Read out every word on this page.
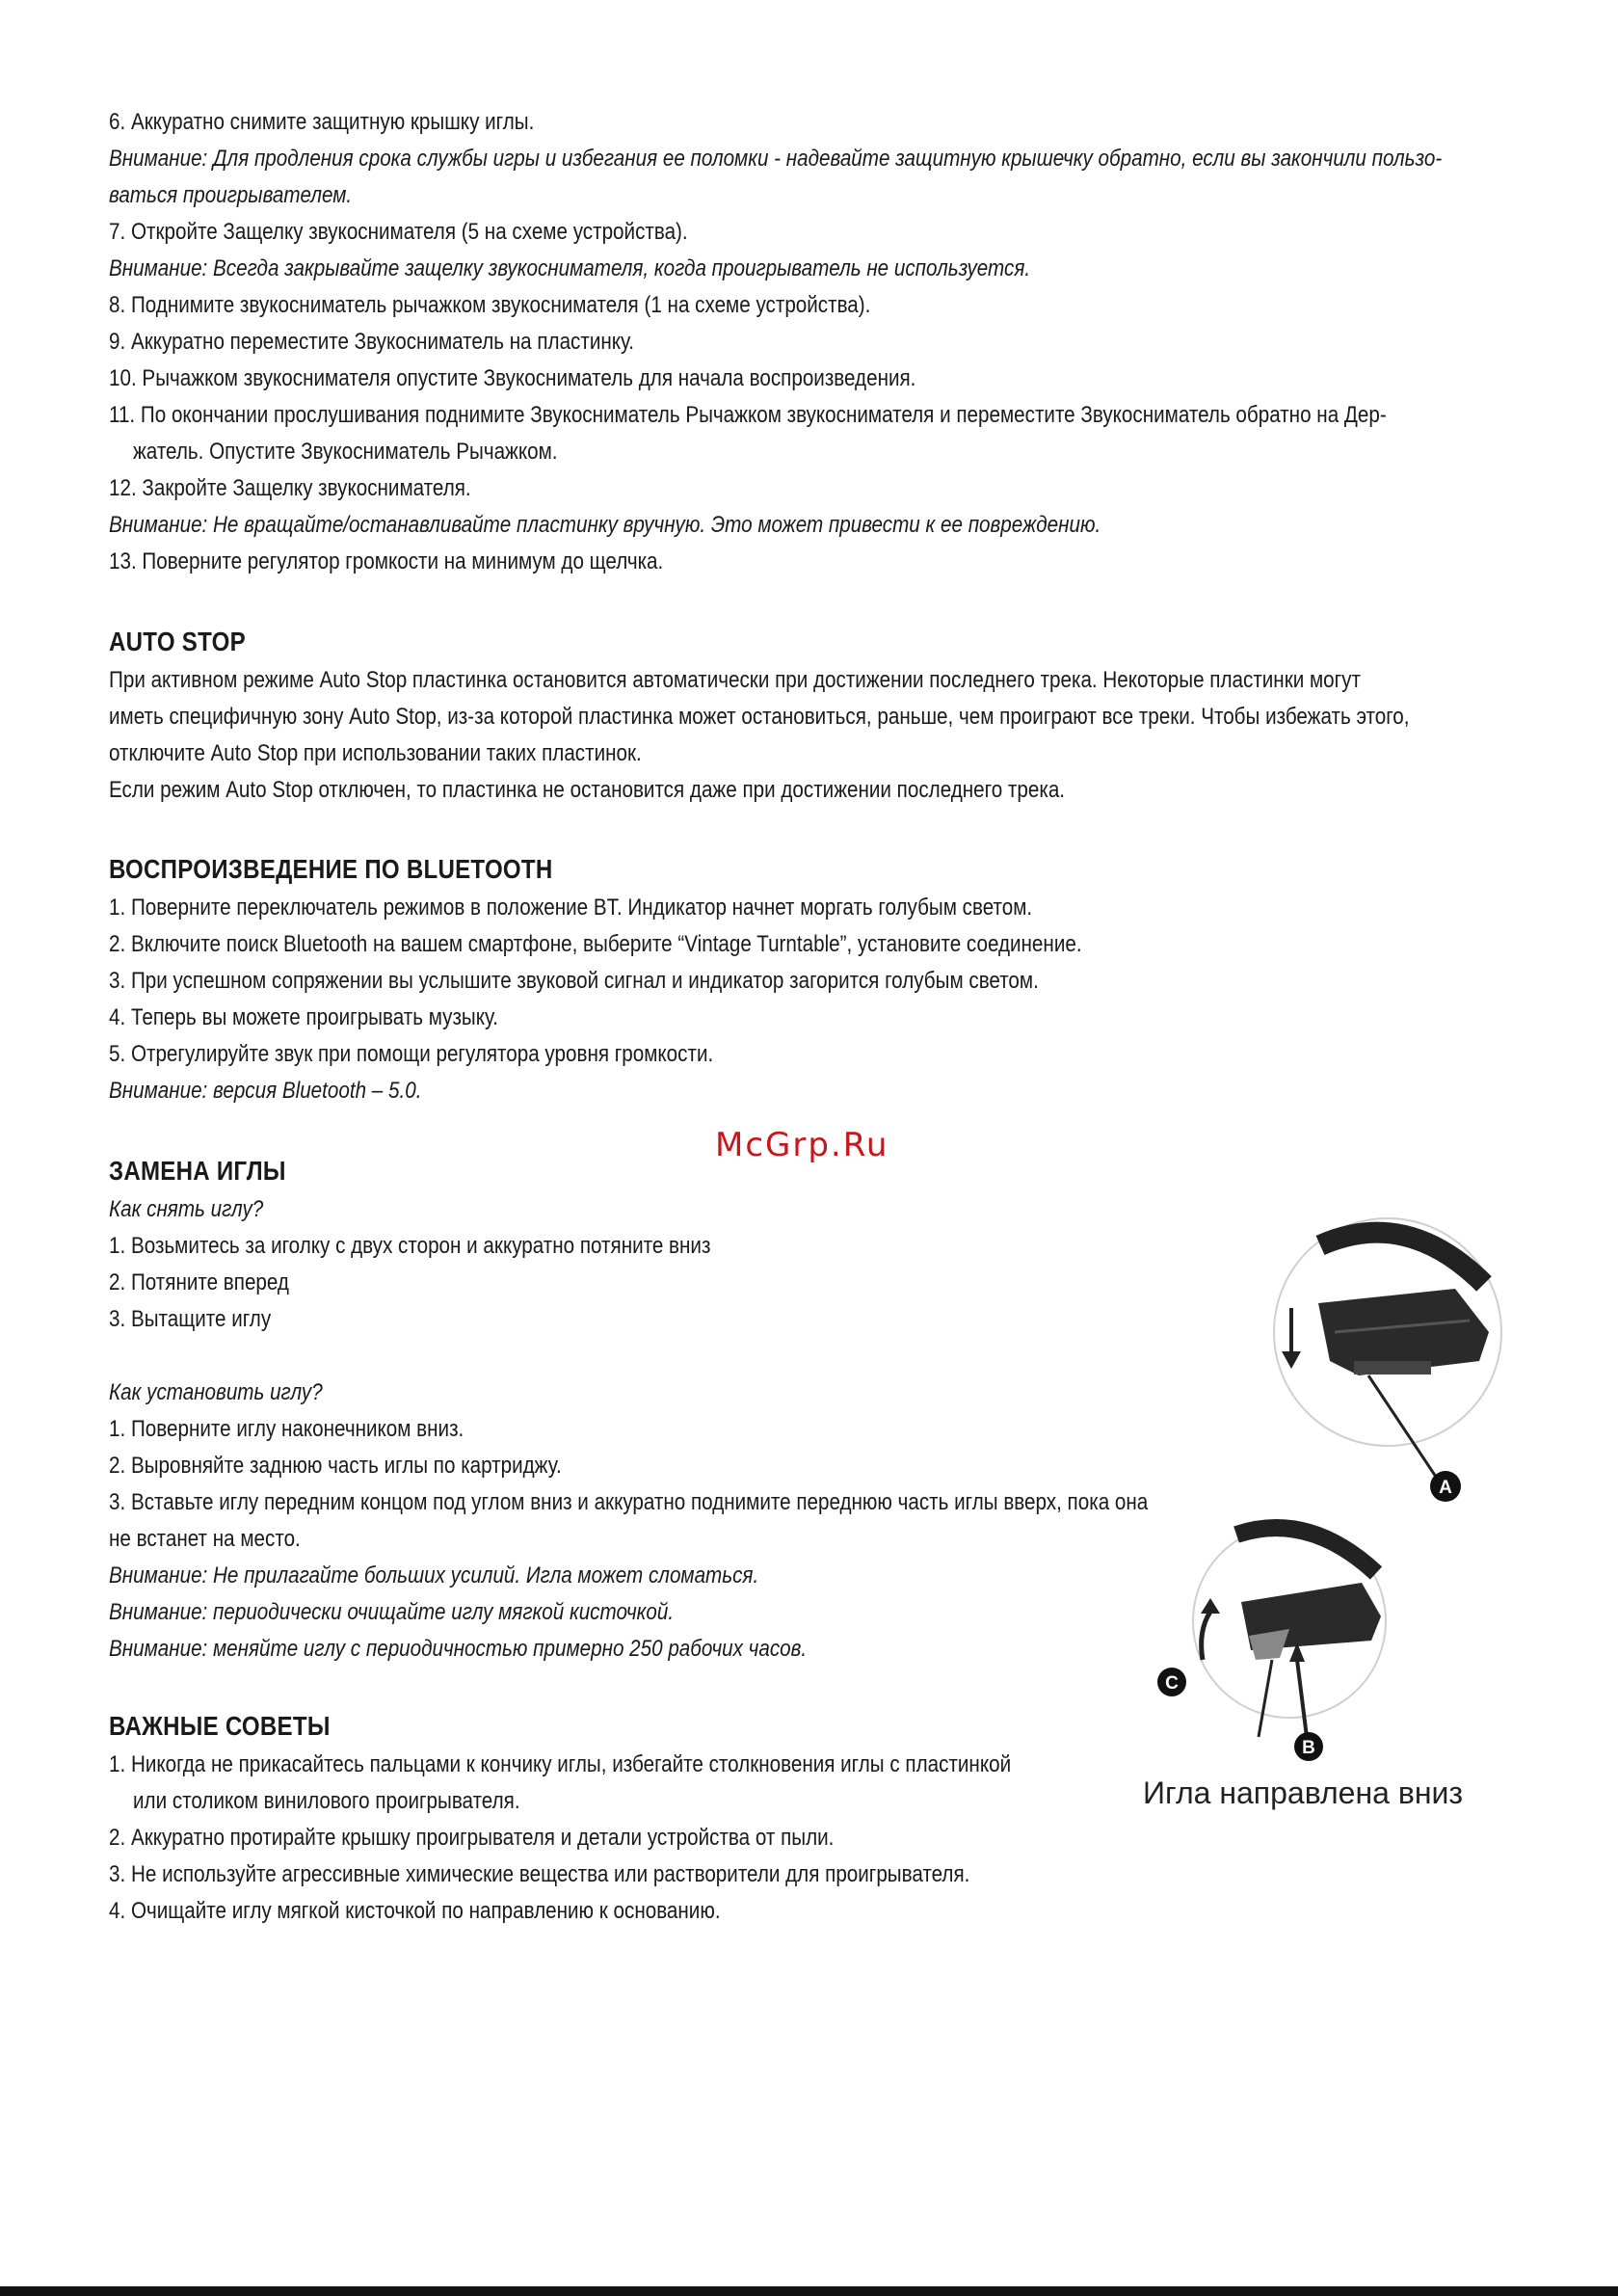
6. Аккуратно снимите защитную крышку иглы.
Внимание: Для продления срока службы игры и избегания ее поломки - надевайте защитную крышечку обратно, если вы закончили пользо-
ваться проигрывателем.
7. Откройте Защелку звукоснимателя (5 на схеме устройства).
Внимание: Всегда закрывайте защелку звукоснимателя, когда проигрыватель не используется.
8. Поднимите звукосниматель рычажком звукоснимателя (1 на схеме устройства).
9. Аккуратно переместите Звукосниматель на пластинку.
10. Рычажком звукоснимателя опустите Звукосниматель для начала воспроизведения.
11. По окончании прослушивания поднимите Звукосниматель Рычажком звукоснимателя и переместите Звукосниматель обратно на Дер-
жатель. Опустите Звукосниматель Рычажком.
12. Закройте Защелку звукоснимателя.
Внимание: Не вращайте/останавливайте пластинку вручную. Это может привести к ее повреждению.
13. Поверните регулятор громкости на минимум до щелчка.
AUTO STOP
При активном режиме Auto Stop пластинка остановится автоматически при достижении последнего трека. Некоторые пластинки могут
иметь специфичную зону Auto Stop, из-за которой пластинка может остановиться, раньше, чем проиграют все треки. Чтобы избежать этого,
отключите Auto Stop при использовании таких пластинок.
Если режим Auto Stop отключен, то пластинка не остановится даже при достижении последнего трека.
ВОСПРОИЗВЕДЕНИЕ ПО BLUETOOTH
1. Поверните переключатель режимов в положение BT. Индикатор начнет моргать голубым светом.
2. Включите поиск Bluetooth на вашем смартфоне, выберите “Vintage Turntable”, установите соединение.
3. При успешном сопряжении вы услышите звуковой сигнал и индикатор загорится голубым светом.
4. Теперь вы можете проигрывать музыку.
5. Отрегулируйте звук при помощи регулятора уровня громкости.
Внимание: версия Bluetooth – 5.0.
McGrp.Ru
ЗАМЕНА ИГЛЫ
Как снять иглу?
1. Возьмитесь за иголку с двух сторон и аккуратно потяните вниз
2. Потяните вперед
3. Вытащите иглу
Как установить иглу?
1. Поверните иглу наконечником вниз.
2. Выровняйте заднюю часть иглы по картриджу.
3. Вставьте иглу передним концом под углом вниз и аккуратно поднимите переднюю часть иглы вверх, пока она
не встанет на место.
Внимание: Не прилагайте больших усилий. Игла может сломаться.
Внимание: периодически очищайте иглу мягкой кисточкой.
Внимание: меняйте иглу с периодичностью примерно 250 рабочих часов.
A
B
C
Игла направлена вниз
ВАЖНЫЕ СОВЕТЫ
1. Никогда не прикасайтесь пальцами к кончику иглы, избегайте столкновения иглы с пластинкой
или столиком винилового проигрывателя.
2. Аккуратно протирайте крышку проигрывателя и детали устройства от пыли.
3. Не используйте агрессивные химические вещества или растворители для проигрывателя.
4. Очищайте иглу мягкой кисточкой по направлению к основанию.
